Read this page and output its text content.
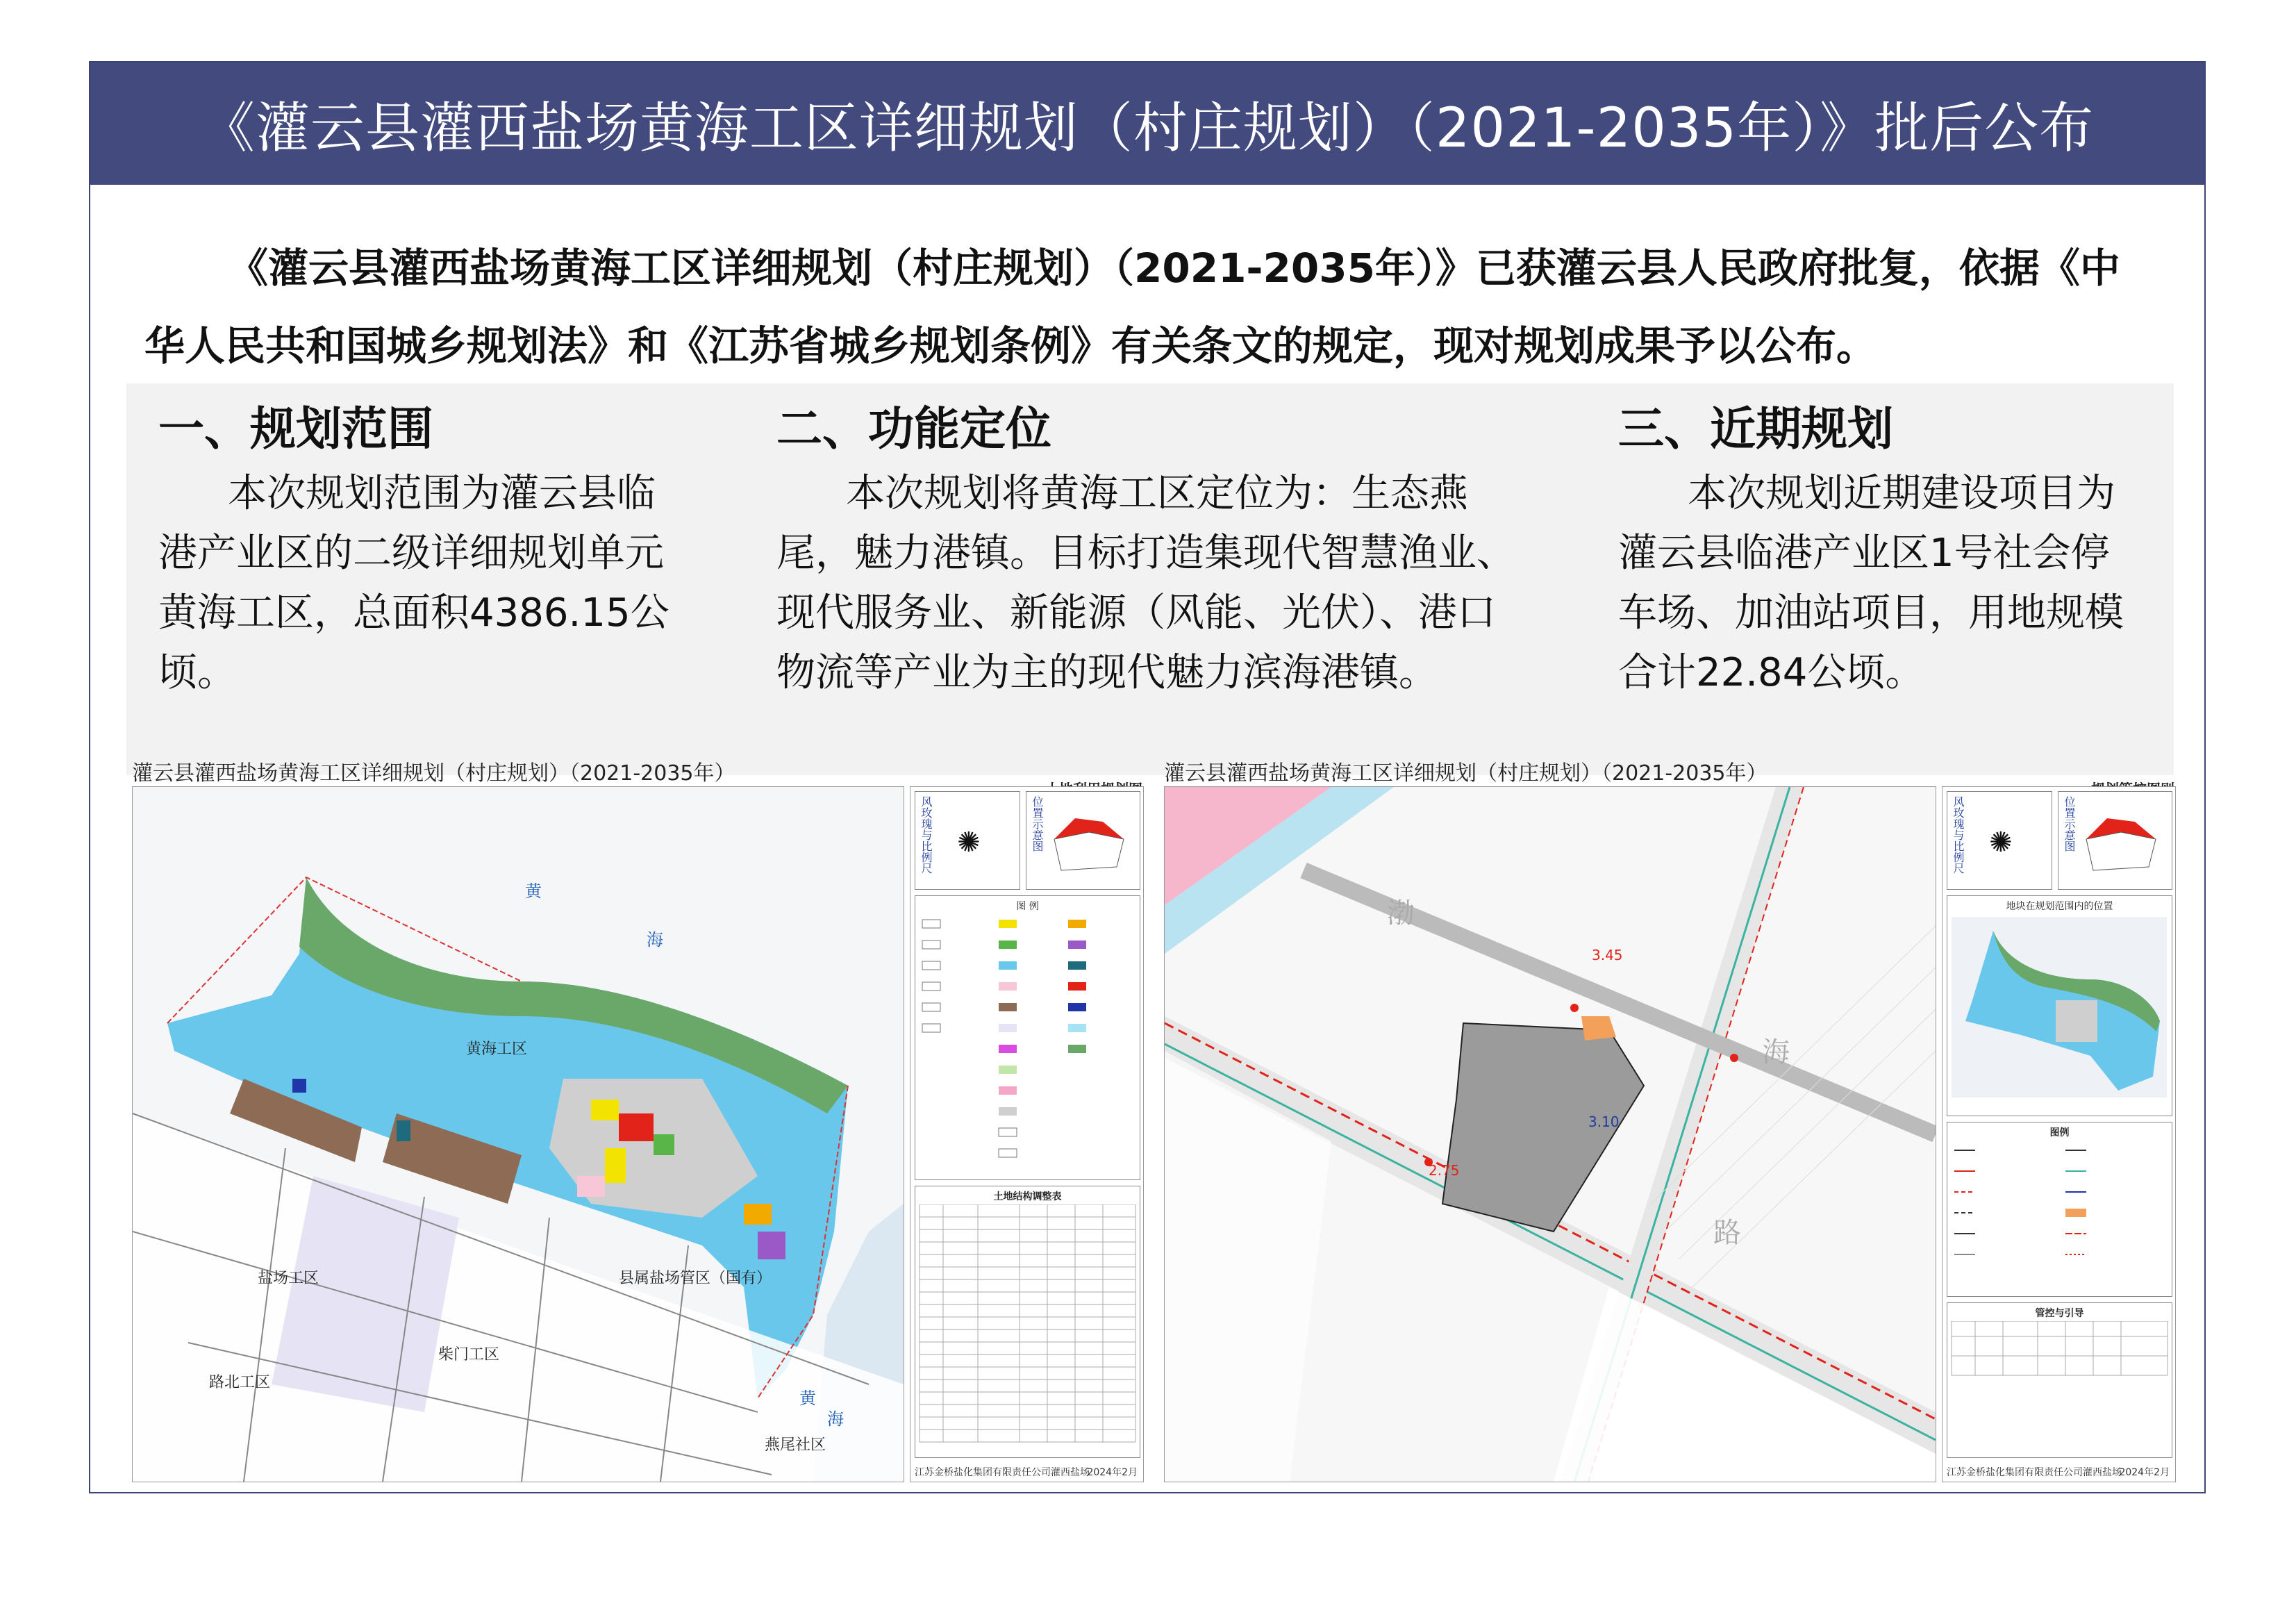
《灌云县灌西盐场黄海工区详细规划（村庄规划）（2021-2035年）》批后公布
《灌云县灌西盐场黄海工区详细规划（村庄规划）（2021-2035年）》已获灌云县人民政府批复，依据《中华人民共和国城乡规划法》和《江苏省城乡规划条例》有关条文的规定，现对规划成果予以公布。
一、规划范围

本次规划范围为灌云县临港产业区的二级详细规划单元黄海工区，总面积4386.15公顷。

二、功能定位

本次规划将黄海工区定位为：生态燕尾，魅力港镇。目标打造集现代智慧渔业、现代服务业、新能源（风能、光伏）、港口物流等产业为主的现代魅力滨海港镇。

三、近期规划

本次规划近期建设项目为灌云县临港产业区1号社会停车场、加油站项目，用地规模合计22.84公顷。

灌云县灌西盐场黄海工区详细规划（村庄规划）（2021-2035年）
黄
海
黄
海
黄海工区
盐场工区	县属盐场管区（国有）
柴门工区
路北工区
燕尾社区
风玫瑰与比例尺 ✺	位置示意图
图 例
土地结构调整表
江苏金桥盐化集团有限责任公司灌西盐场
2024年2月
灌云县灌西盐场黄海工区详细规划（村庄规划）（2021-2035年）
3.45
3.10
2.75
渤
海
路
风玫瑰与比例尺 ✺	位置示意图
地块在规划范围内的位置
图例
管控与引导
江苏金桥盐化集团有限责任公司灌西盐场
2024年2月
